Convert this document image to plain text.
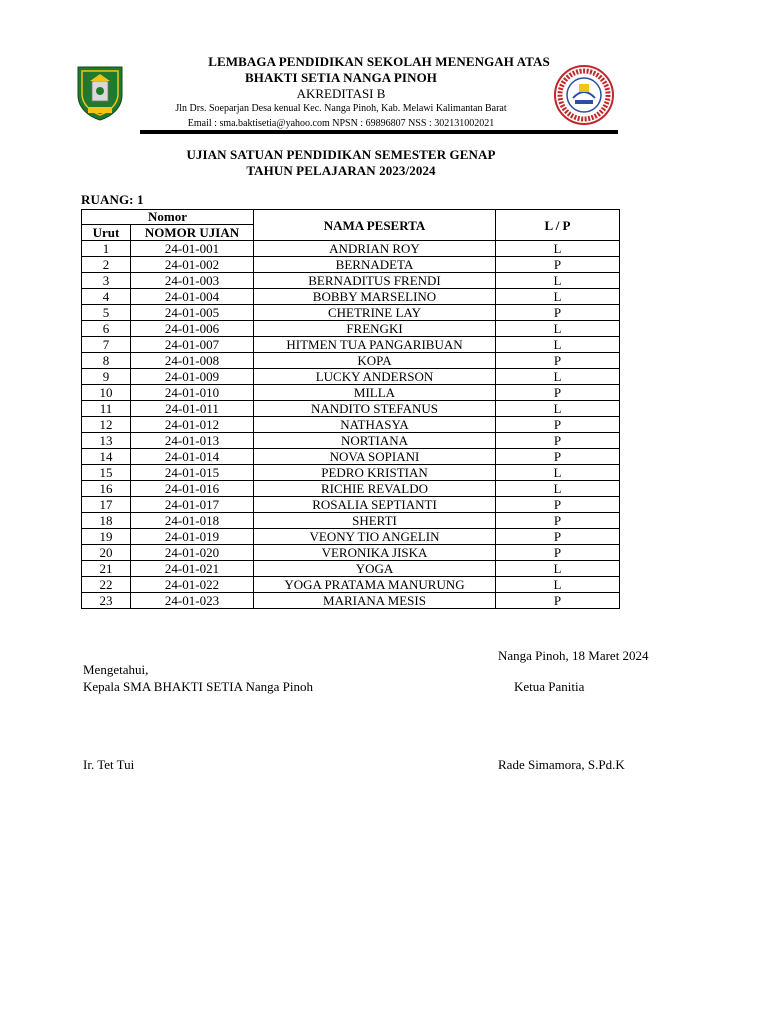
LEMBAGA PENDIDIKAN SEKOLAH MENENGAH ATAS
BHAKTI SETIA NANGA PINOH
AKREDITASI B
Jln Drs. Soeparjan Desa kenual Kec. Nanga Pinoh, Kab. Melawi Kalimantan Barat
Email : sma.baktisetia@yahoo.com NPSN : 69896807 NSS : 302131002021
UJIAN SATUAN PENDIDIKAN SEMESTER GENAP
TAHUN PELAJARAN 2023/2024
RUANG: 1
Nomor		NAMA PESERTA	L / P
Urut	NOMOR UJIAN		
1	24-01-001	ANDRIAN ROY	L
2	24-01-002	BERNADETA	P
3	24-01-003	BERNADITUS FRENDI	L
4	24-01-004	BOBBY MARSELINO	L
5	24-01-005	CHETRINE LAY	P
6	24-01-006	FRENGKI	L
7	24-01-007	HITMEN TUA PANGARIBUAN	L
8	24-01-008	KOPA	P
9	24-01-009	LUCKY ANDERSON	L
10	24-01-010	MILLA	P
11	24-01-011	NANDITO STEFANUS	L
12	24-01-012	NATHASYA	P
13	24-01-013	NORTIANA	P
14	24-01-014	NOVA SOPIANI	P
15	24-01-015	PEDRO KRISTIAN	L
16	24-01-016	RICHIE REVALDO	L
17	24-01-017	ROSALIA SEPTIANTI	P
18	24-01-018	SHERTI	P
19	24-01-019	VEONY TIO ANGELIN	P
20	24-01-020	VERONIKA JISKA	P
21	24-01-021	YOGA	L
22	24-01-022	YOGA PRATAMA MANURUNG	L
23	24-01-023	MARIANA MESIS	P
Nanga Pinoh, 18 Maret 2024
Mengetahui,
Kepala SMA BHAKTI SETIA Nanga Pinoh	Ketua Panitia
Ir. Tet Tui	Rade Simamora, S.Pd.K
